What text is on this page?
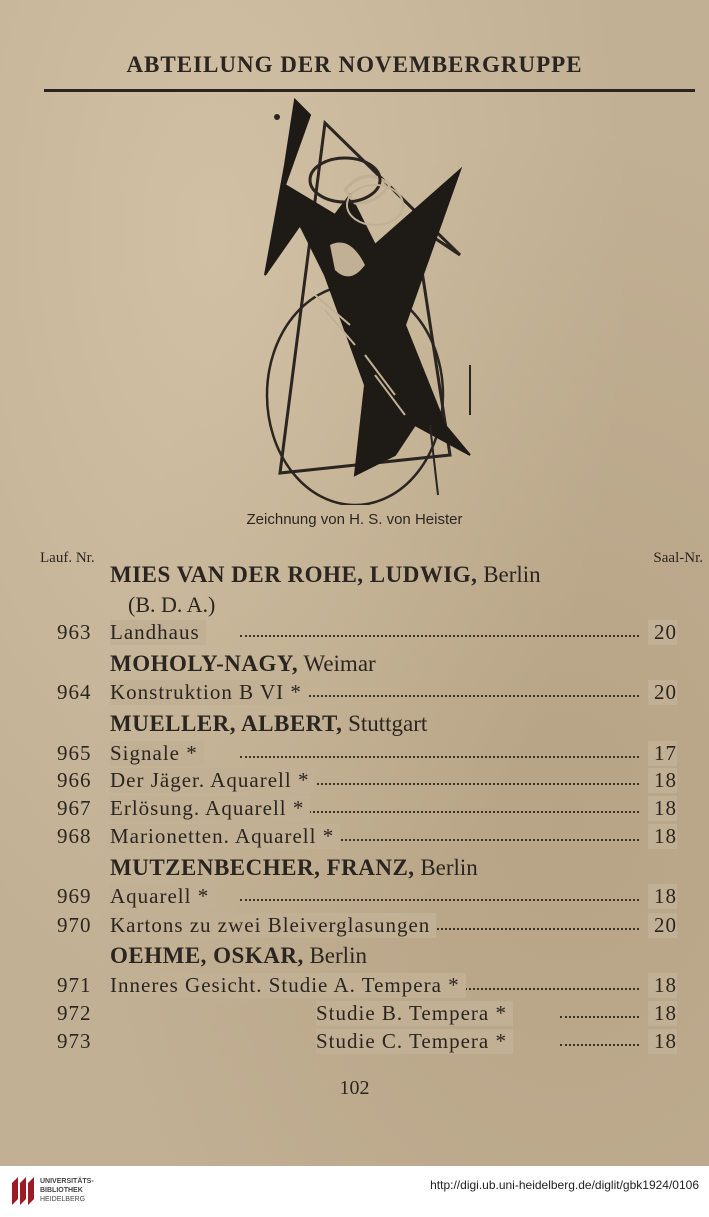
ABTEILUNG DER NOVEMBERGRUPPE
Zeichnung von H. S. von Heister
Lauf. Nr.	Saal-Nr.
MIES VAN DER ROHE, LUDWIG, Berlin
(B. D. A.)
963 Landhaus	20
MOHOLY-NAGY, Weimar
964 Konstruktion B VI *	20
MUELLER, ALBERT, Stuttgart
965 Signale *	17
966 Der Jäger. Aquarell *	18
967 Erlösung. Aquarell *	18
968 Marionetten. Aquarell *	18
MUTZENBECHER, FRANZ, Berlin
969 Aquarell *	18
970 Kartons zu zwei Bleiverglasungen	20
OEHME, OSKAR, Berlin
971 Inneres Gesicht. Studie A. Tempera *	18
972	Studie B. Tempera *	18
973	Studie C. Tempera *	18
102
UNIVERSITÄTS-
BIBLIOTHEK
HEIDELBERG
http://digi.ub.uni-heidelberg.de/diglit/gbk1924/0106
